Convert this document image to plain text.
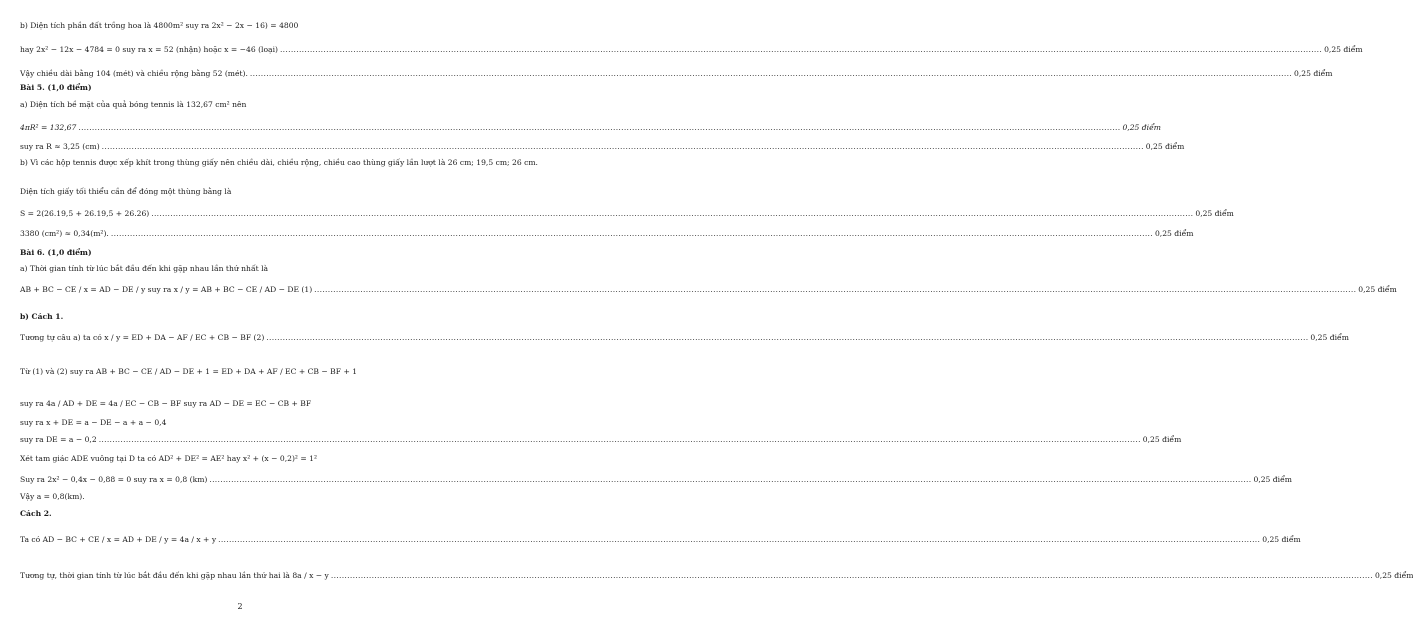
b) Diện tích phần đất trồng hoa là 4800m² suy ra 2x² − 2x − 16) = 4800
hay 2x² − 12x − 4784 = 0 suy ra x = 52 (nhận) hoặc x = −46 (loại) .....	0,25 điểm
Vậy chiều dài bằng 104 (mét) và chiều rộng bằng 52 (mét). .....	0,25 điểm
Bài 5. (1,0 điểm)
a) Diện tích bề mặt của quả bóng tennis là 132,67 cm² nên
4πR² = 132,67 .....	0,25 điểm
suy ra R ≈ 3,25 (cm) .....	0,25 điểm
b) Vì các hộp tennis được xếp khít trong thùng giấy nên chiều dài, chiều rộng, chiều cao thùng giấy lần lượt là 26 cm; 19,5 cm; 26 cm.
Diện tích giấy tối thiểu cần để đóng một thùng bằng là
S = 2(26.19,5 + 26.19,5 + 26.26) .....	0,25 điểm
3380 (cm²) ≈ 0,34(m²). .....	0,25 điểm
Bài 6. (1,0 điểm)
a) Thời gian tính từ lúc bắt đầu đến khi gặp nhau lần thứ nhất là
AB + BC − CE / x = AD − DE / y suy ra x / y = AB + BC − CE / AD − DE (1) .....	0,25 điểm
b) Cách 1.
Tương tự câu a) ta có x / y = ED + DA − AF / EC + CB − BF (2) .....	0,25 điểm
Từ (1) và (2) suy ra AB + BC − CE / AD − DE + 1 = ED + DA + AF / EC + CB − BF + 1
suy ra 4a / AD + DE = 4a / EC − CB − BF suy ra AD − DE = EC − CB + BF
suy ra x + DE = a − DE − a + a − 0,4
suy ra DE = a − 0,2 .....	0,25 điểm
Xét tam giác ADE vuông tại D ta có AD² + DE² = AE² hay x² + (x − 0,2)² = 1²
Suy ra 2x² − 0,4x − 0,88 = 0 suy ra x = 0,8 (km) .....	0,25 điểm
Vậy a = 0,8(km).
Cách 2.
Ta có AD − BC + CE / x = AD + DE / y = 4a / x + y .....	0,25 điểm
Tương tự, thời gian tính từ lúc bắt đầu đến khi gặp nhau lần thứ hai là 8a / x − y .....	0,25 điểm
2
